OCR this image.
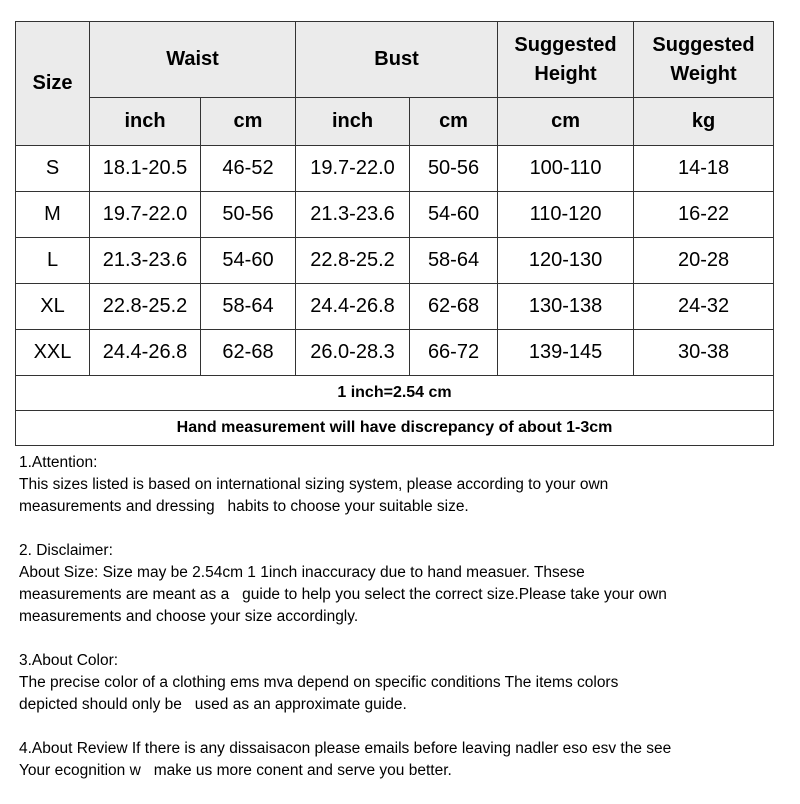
Size	Waist		Bust		Suggested Height	Suggested Weight
	inch	cm	inch	cm	cm	kg
S	18.1-20.5	46-52	19.7-22.0	50-56	100-110	14-18
M	19.7-22.0	50-56	21.3-23.6	54-60	110-120	16-22
L	21.3-23.6	54-60	22.8-25.2	58-64	120-130	20-28
XL	22.8-25.2	58-64	24.4-26.8	62-68	130-138	24-32
XXL	24.4-26.8	62-68	26.0-28.3	66-72	139-145	30-38
1 inch=2.54 cm						
Hand measurement will have discrepancy of about 1-3cm						

1.Attention:

This sizes listed is based on international sizing system, please according to your own

measurements and dressing   habits to choose your suitable size.

2. Disclaimer:

About Size: Size may be 2.54cm 1 1inch inaccuracy due to hand measuer. Thsese

measurements are meant as a   guide to help you select the correct size.Please take your own

measurements and choose your size accordingly.

3.About Color:

The precise color of a clothing ems mva depend on specific conditions The items colors

depicted should only be   used as an approximate guide.

4.About Review If there is any dissaisacon please emails before leaving nadler eso esv the see

Your ecognition w   make us more conent and serve you better.
